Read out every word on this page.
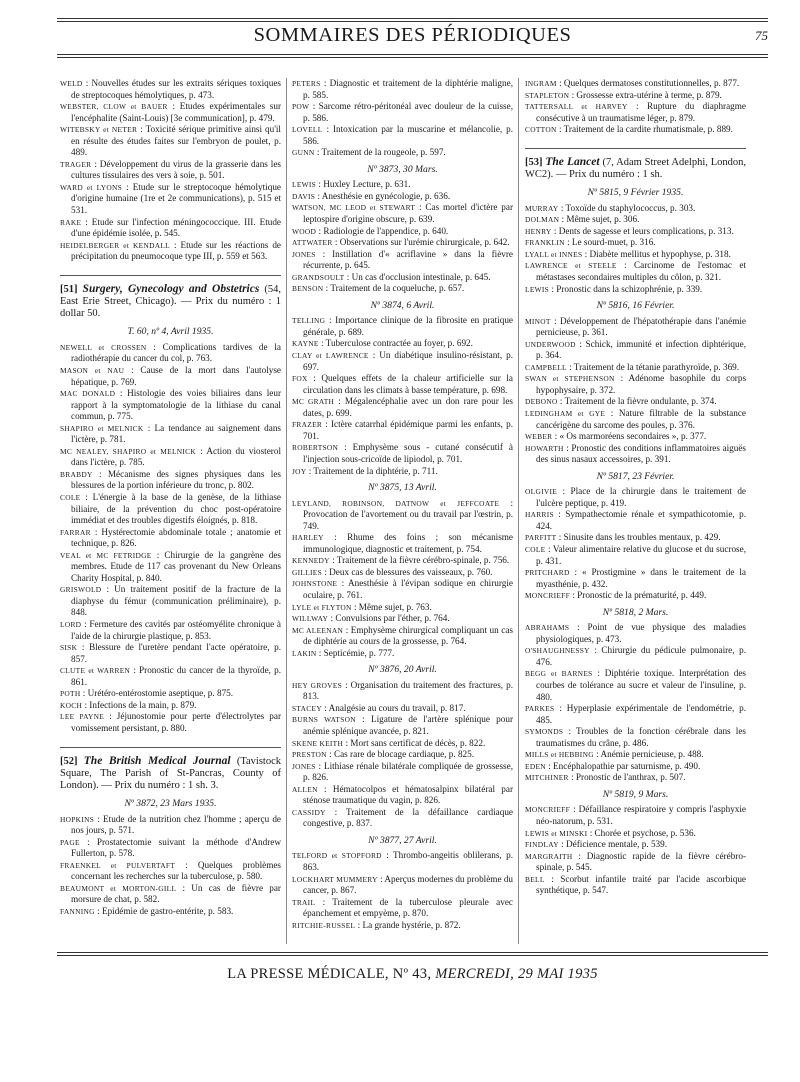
SOMMAIRES DES PÉRIODIQUES	75
WELD : Nouvelles études sur les extraits sériques toxiques de streptocoques hémolytiques, p. 473.
WEBSTER, CLOW et BAUER : Etudes expérimentales sur l'encéphalite (Saint-Louis) [3e communication], p. 479.
WITEBSKY et NETER : Toxicité sérique primitive ainsi qu'il en résulte des études faites sur l'embryon de poulet, p. 489.
TRAGER : Développement du virus de la grasserie dans les cultures tissulaires des vers à soie, p. 501.
WARD et LYONS : Etude sur le streptocoque hémolytique d'origine humaine (1re et 2e communications), p. 515 et 531.
RAKE : Etude sur l'infection méningococcique. III. Etude d'une épidémie isolée, p. 545.
HEIDELBERGER et KENDALL : Etude sur les réactions de précipitation du pneumocoque type III, p. 559 et 563.
[51] Surgery, Gynecology and Obstetrics (54, East Erie Street, Chicago). — Prix du numéro : 1 dollar 50.
T. 60, nº 4, Avril 1935.
NEWELL et CROSSEN : Complications tardives de la radiothérapie du cancer du col, p. 763.
MASON et NAU : Cause de la mort dans l'autolyse hépatique, p. 769.
MAC DONALD : Histologie des voies biliaires dans leur rapport à la symptomatologie de la lithiase du canal commun, p. 775.
SHAPIRO et MELNICK : La tendance au saignement dans l'ictère, p. 781.
MC NEALEY, SHAPIRO et MELNICK : Action du viosterol dans l'ictère, p. 785.
BRABDY : Mécanisme des signes physiques dans les blessures de la portion inférieure du tronc, p. 802.
COLE : L'énergie à la base de la genèse, de la lithiase biliaire, de la prévention du choc post-opératoire immédiat et des troubles digestifs éloignés, p. 818.
FARRAR : Hystérectomie abdominale totale ; anatomie et technique, p. 826.
VEAL et MC FETRIDGE : Chirurgie de la gangrène des membres. Etude de 117 cas provenant du New Orleans Charity Hospital, p. 840.
GRISWOLD : Un traitement positif de la fracture de la diaphyse du fémur (communication préliminaire), p. 848.
LORD : Fermeture des cavités par ostéomyélite chronique à l'aide de la chirurgie plastique, p. 853.
SISK : Blessure de l'uretère pendant l'acte opératoire, p. 857.
CLUTE et WARREN : Pronostic du cancer de la thyroïde, p. 861.
POTH : Urétéro-entérostomie aseptique, p. 875.
KOCH : Infections de la main, p. 879.
LEE PAYNE : Jéjunostomie pour perte d'électrolytes par vomissement persistant, p. 880.
[52] The British Medical Journal (Tavistock Square, The Parish of St-Pancras, County of London). — Prix du numéro : 1 sh. 3.
Nº 3872, 23 Mars 1935.
HOPKINS : Etude de la nutrition chez l'homme ; aperçu de nos jours, p. 571.
PAGE : Prostatectomie suivant la méthode d'Andrew Fullerton, p. 578.
FRAENKEL et PULVERTAFT : Quelques problèmes concernant les recherches sur la tuberculose, p. 580.
BEAUMONT et MORTON-GILL : Un cas de fièvre par morsure de chat, p. 582.
FANNING : Epidémie de gastro-entérite, p. 583.
PETERS : Diagnostic et traitement de la diphtérie maligne, p. 585.
POW : Sarcome rétro-péritonéal avec douleur de la cuisse, p. 586.
LOVELL : Intoxication par la muscarine et mélancolie, p. 586.
GUNN : Traitement de la rougeole, p. 597.
Nº 3873, 30 Mars.
LEWIS : Huxley Lecture, p. 631.
DAVIS : Anesthésie en gynécologie, p. 636.
WATSON, MC LEOD et STEWART : Cas mortel d'ictère par leptospire d'origine obscure, p. 639.
WOOD : Radiologie de l'appendice, p. 640.
ATTWATER : Observations sur l'urémie chirurgicale, p. 642.
JONES : Instillation d'« acriflavine » dans la fièvre récurrente, p. 645.
GRANDSOULT : Un cas d'occlusion intestinale, p. 645.
BENSON : Traitement de la coqueluche, p. 657.
Nº 3874, 6 Avril.
TELLING : Importance clinique de la fibrosite en pratique générale, p. 689.
KAYNE : Tuberculose contractée au foyer, p. 692.
CLAY et LAWRENCE : Un diabétique insulino-résistant, p. 697.
FOX : Quelques effets de la chaleur artificielle sur la circulation dans les climats à basse température, p. 698.
MC GRATH : Mégalencéphalie avec un don rare pour les dates, p. 699.
FRAZER : Ictère catarrhal épidémique parmi les enfants, p. 701.
ROBERTSON : Emphysème sous - cutané consécutif à l'injection sous-cricoïde de lipiodol, p. 701.
JOY : Traitement de la diphtérie, p. 711.
Nº 3875, 13 Avril.
LEYLAND, ROBINSON, DATNOW et JEFFCOATE : Provocation de l'avortement ou du travail par l'œstrin, p. 749.
HARLEY : Rhume des foins ; son mécanisme immunologique, diagnostic et traitement, p. 754.
KENNEDY : Traitement de la fièvre cérébro-spinale, p. 756.
GILLIES : Deux cas de blessures des vaisseaux, p. 760.
JOHNSTONE : Anesthésie à l'évipan sodique en chirurgie oculaire, p. 761.
LYLE et FLYTON : Même sujet, p. 763.
WILLWAY : Convulsions par l'éther, p. 764.
MC ALEENAN : Emphysème chirurgical compliquant un cas de diphtérie au cours de la grossesse, p. 764.
LAKIN : Septicémie, p. 777.
Nº 3876, 20 Avril.
HEY GROVES : Organisation du traitement des fractures, p. 813.
STACEY : Analgésie au cours du travail, p. 817.
BURNS WATSON : Ligature de l'artère splénique pour anémie splénique avancée, p. 821.
SKENE KEITH : Mort sans certificat de décès, p. 822.
PRESTON : Cas rare de blocage cardiaque, p. 825.
JONES : Lithiase rénale bilatérale compliquée de grossesse, p. 826.
ALLEN : Hématocolpos et hématosalpinx bilatéral par sténose traumatique du vagin, p. 826.
CASSIDY : Traitement de la défaillance cardiaque congestive, p. 837.
Nº 3877, 27 Avril.
TELFORD et STOPFORD : Thrombo-angeitis oblilerans, p. 863.
LOCKHART MUMMERY : Aperçus modernes du problème du cancer, p. 867.
TRAIL : Traitement de la tuberculose pleurale avec épanchement et empyème, p. 870.
RITCHIE-RUSSEL : La grande hystérie, p. 872.
INGRAM : Quelques dermatoses constitutionnelles, p. 877.
STAPLETON : Grossesse extra-utérine à terme, p. 879.
TATTERSALL et HARVEY : Rupture du diaphragme consécutive à un traumatisme léger, p. 879.
COTTON : Traitement de la cardite rhumatismale, p. 889.
[53] The Lancet (7, Adam Street Adelphi, London, WC2). — Prix du numéro : 1 sh.
Nº 5815, 9 Février 1935.
MURRAY : Toxoïde du staphylococcus, p. 303.
DOLMAN : Même sujet, p. 306.
HENRY : Dents de sagesse et leurs complications, p. 313.
FRANKLIN : Le sourd-muet, p. 316.
LYALL et INNES : Diabète mellitus et hypophyse, p. 318.
LAWRENCE et STEELE : Carcinome de l'estomac et métastases secondaires multiples du côlon, p. 321.
LEWIS : Pronostic dans la schizophrénie, p. 339.
Nº 5816, 16 Février.
MINOT : Développement de l'hépatothérapie dans l'anémie pernicieuse, p. 361.
UNDERWOOD : Schick, immunité et infection diphtérique, p. 364.
CAMPBELL : Traitement de la tétanie parathyroïde, p. 369.
SWAN et STEPHENSON : Adénome basophile du corps hypophysaire, p. 372.
DEBONO : Traitement de la fièvre ondulante, p. 374.
LEDINGHAM et GYE : Nature filtrable de la substance cancérigène du sarcome des poules, p. 376.
WEBER : « Os marmoréens secondaires », p. 377.
HOWARTH : Pronostic des conditions inflammatoires aiguës des sinus nasaux accessoires, p. 391.
Nº 5817, 23 Février.
OLGIVIE : Place de la chirurgie dans le traitement de l'ulcère peptique, p. 419.
HARRIS : Sympathectomie rénale et sympathicotomie, p. 424.
PARFITT : Sinusite dans les troubles mentaux, p. 429.
COLE : Valeur alimentaire relative du glucose et du sucrose, p. 431.
PRITCHARD : « Prostigmine » dans le traitement de la myasthénie, p. 432.
MONCRIEFF : Pronostic de la prématurité, p. 449.
Nº 5818, 2 Mars.
ABRAHAMS : Point de vue physique des maladies physiologiques, p. 473.
O'SHAUGHNESSY : Chirurgie du pédicule pulmonaire, p. 476.
BEGG et BARNES : Diphtérie toxique. Interprétation des courbes de tolérance au sucre et valeur de l'insuline, p. 480.
PARKES : Hyperplasie expérimentale de l'endométrie, p. 485.
SYMONDS : Troubles de la fonction cérébrale dans les traumatismes du crâne, p. 486.
MILLS et HEBBING : Anémie pernicieuse, p. 488.
EDEN : Encéphalopathie par saturnisme, p. 490.
MITCHINER : Pronostic de l'anthrax, p. 507.
Nº 5819, 9 Mars.
MONCRIEFF : Défaillance respiratoire y compris l'asphyxie néo-natorum, p. 531.
LEWIS et MINSKI : Chorée et psychose, p. 536.
FINDLAY : Déficience mentale, p. 539.
MARGRAITH : Diagnostic rapide de la fièvre cérébro-spinale, p. 545.
BELL : Scorbut infantile traité par l'acide ascorbique synthétique, p. 547.
LA PRESSE MÉDICALE, Nº 43, MERCREDI, 29 MAI 1935
